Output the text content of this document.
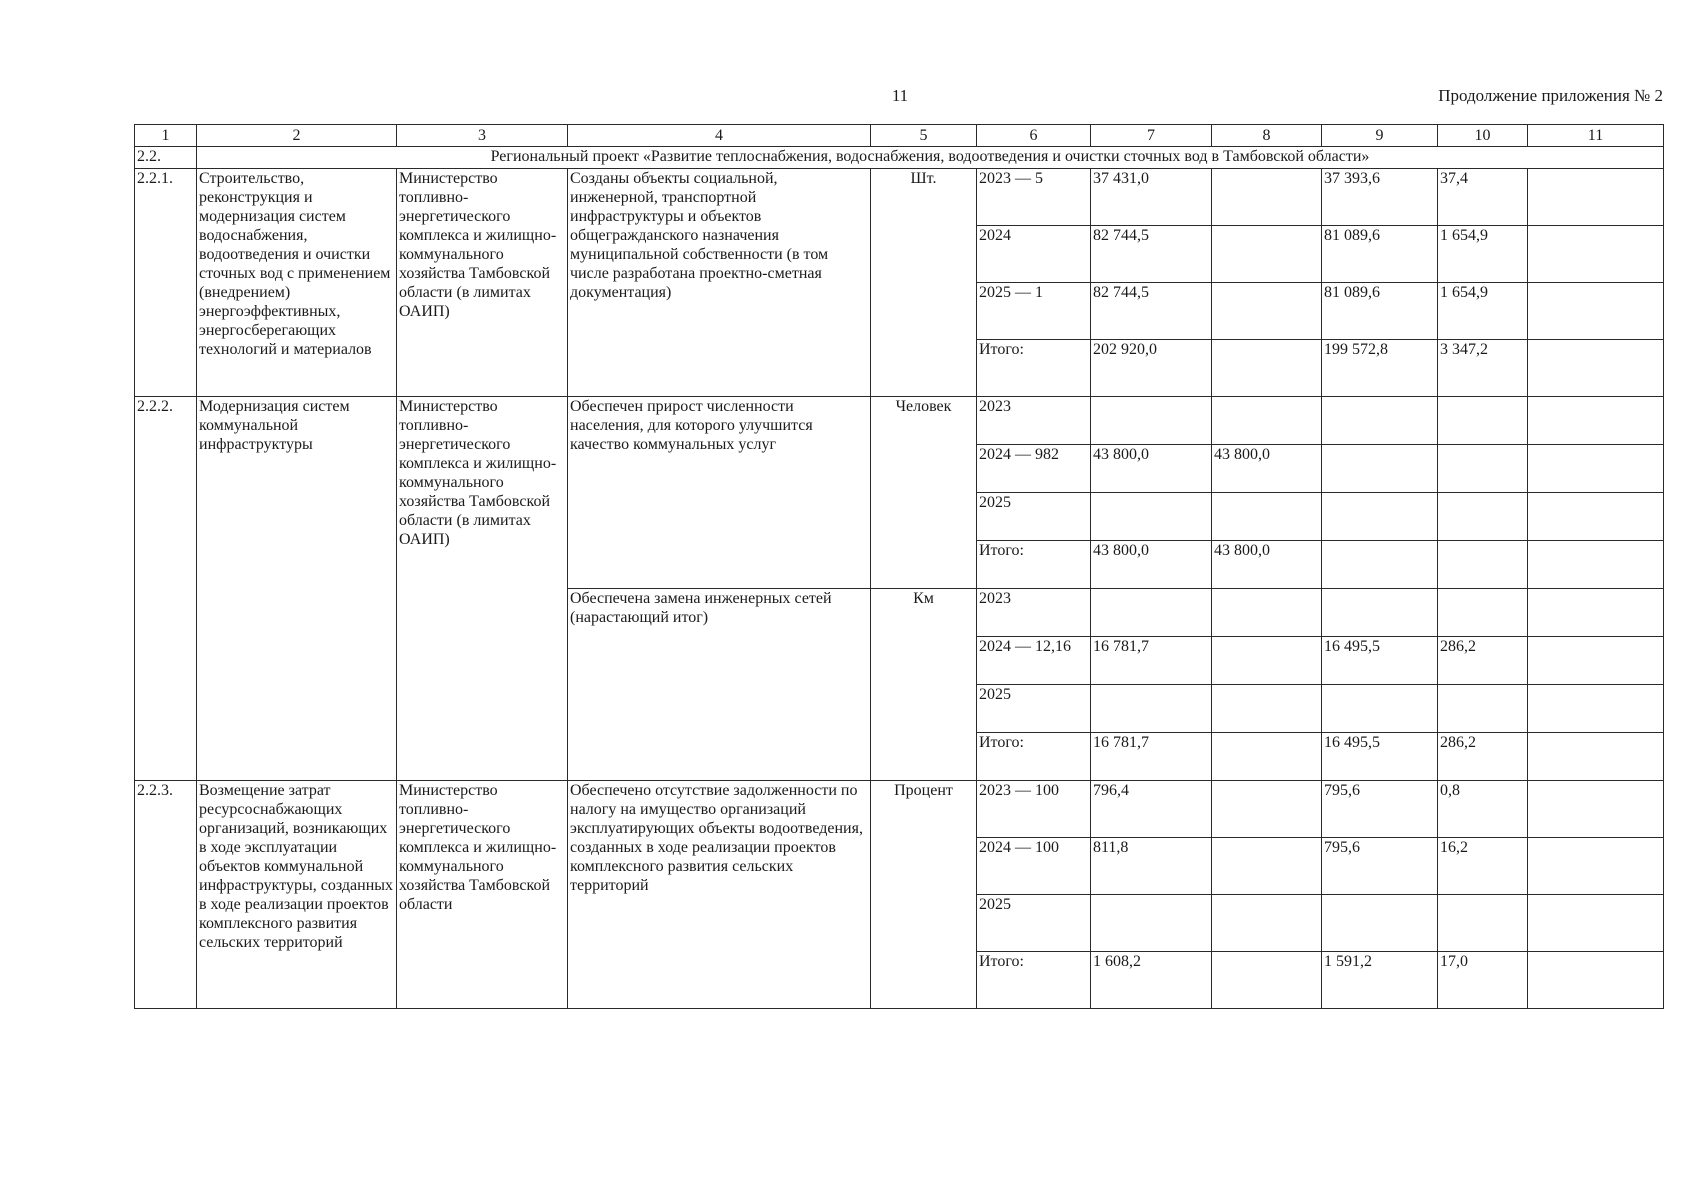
11	Продолжение приложения № 2
1	2	3	4	5	6	7	8	9	10	11
2.2.	Региональный проект «Развитие теплоснабжения, водоснабжения, водоотведения и очистки сточных вод в Тамбовской области»									
2.2.1.	Строительство, реконструкция и модернизация систем водоснабжения, водоотведения и очистки сточных вод с применением (внедрением) энергоэффективных, энергосберегающих технологий и материалов	Министерство топливно-энергетического комплекса и жилищно-коммунального хозяйства Тамбовской области (в лимитах ОАИП)	Созданы объекты социальной, инженерной, транспортной инфраструктуры и объектов общегражданского назначения муниципальной собственности (в том числе разработана проектно-сметная документация)	Шт.	2023 — 5	37 431,0		37 393,6	37,4	
					2024	82 744,5		81 089,6	1 654,9	
					2025 — 1	82 744,5		81 089,6	1 654,9	
					Итого:	202 920,0		199 572,8	3 347,2	
2.2.2.	Модернизация систем коммунальной инфраструктуры	Министерство топливно-энергетического комплекса и жилищно-коммунального хозяйства Тамбовской области (в лимитах ОАИП)	Обеспечен прирост численности населения, для которого улучшится качество коммунальных услуг	Человек	2023					
					2024 — 982	43 800,0	43 800,0			
					2025					
					Итого:	43 800,0	43 800,0			
			Обеспечена замена инженерных сетей (нарастающий итог)	Км	2023					
					2024 — 12,16	16 781,7		16 495,5	286,2	
					2025					
					Итого:	16 781,7		16 495,5	286,2	
2.2.3.	Возмещение затрат ресурсоснабжающих организаций, возникающих в ходе эксплуатации объектов коммунальной инфраструктуры, созданных в ходе реализации проектов комплексного развития сельских территорий	Министерство топливно-энергетического комплекса и жилищно-коммунального хозяйства Тамбовской области	Обеспечено отсутствие задолженности по налогу на имущество организаций эксплуатирующих объекты водоотведения, созданных в ходе реализации проектов комплексного развития сельских территорий	Процент	2023 — 100	796,4		795,6	0,8	
					2024 — 100	811,8		795,6	16,2	
					2025					
					Итого:	1 608,2		1 591,2	17,0	
